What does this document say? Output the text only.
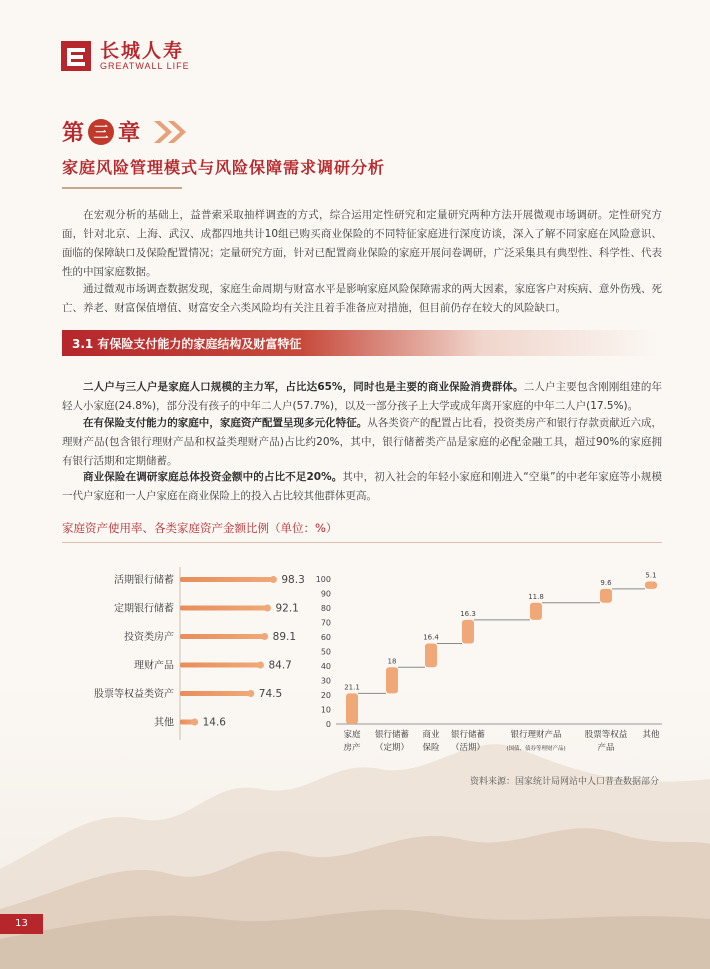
长城人寿
GREATWALL LIFE
第 三 章
家庭风险管理模式与风险保障需求调研分析

在宏观分析的基础上，益普索采取抽样调查的方式，综合运用定性研究和定量研究两种方法开展微观市场调研。定性研究方面，针对北京、上海、武汉、成都四地共计10组已购买商业保险的不同特征家庭进行深度访谈，深入了解不同家庭在风险意识、面临的保障缺口及保险配置情况；定量研究方面，针对已配置商业保险的家庭开展问卷调研，广泛采集具有典型性、科学性、代表性的中国家庭数据。

通过微观市场调查数据发现，家庭生命周期与财富水平是影响家庭风险保障需求的两大因素，家庭客户对疾病、意外伤残、死亡、养老、财富保值增值、财富安全六类风险均有关注且着手准备应对措施，但目前仍存在较大的风险缺口。

3.1 有保险支付能力的家庭结构及财富特征

二人户与三人户是家庭人口规模的主力军，占比达65%，同时也是主要的商业保险消费群体。二人户主要包含刚刚组建的年轻人小家庭(24.8%)，部分没有孩子的中年二人户(57.7%)，以及一部分孩子上大学或成年离开家庭的中年二人户(17.5%)。

在有保险支付能力的家庭中，家庭资产配置呈现多元化特征。从各类资产的配置占比看，投资类房产和银行存款贡献近六成，理财产品(包含银行理财产品和权益类理财产品)占比约20%，其中，银行储蓄类产品是家庭的必配金融工具，超过90%的家庭拥有银行活期和定期储蓄。

商业保险在调研家庭总体投资金额中的占比不足20%。其中，初入社会的年轻小家庭和刚进入“空巢”的中老年家庭等小规模一代户家庭和一人户家庭在商业保险上的投入占比较其他群体更高。

家庭资产使用率、各类家庭资产金额比例（单位：%）
活期银行储蓄	98.3
定期银行储蓄	92.1
投资类房产	89.1
理财产品	84.7
股票等权益类资产	74.5
其他	14.6	0
10
20
30
40
50
60
70
80
90
100
21.1
家庭
房产
18
银行储蓄
（定期）
16.4
商业
保险
16.3
银行储蓄
（活期）
11.8
银行理财产品
(国债、债券等理财产品)
9.6
股票等权益
产品
5.1
其他
资料来源：国家统计局网站中人口普查数据部分
13
